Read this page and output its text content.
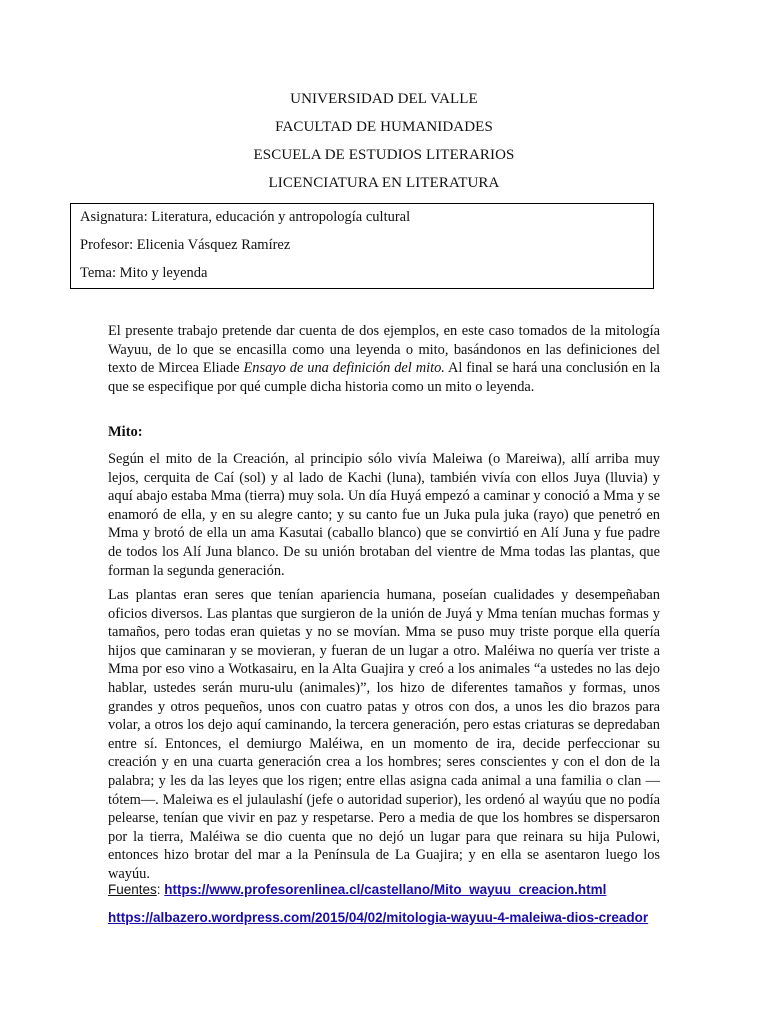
UNIVERSIDAD DEL VALLE
FACULTAD DE HUMANIDADES
ESCUELA DE ESTUDIOS LITERARIOS
LICENCIATURA EN LITERATURA
Asignatura: Literatura, educación y antropología cultural
Profesor: Elicenia Vásquez Ramírez
Tema: Mito y leyenda
El presente trabajo pretende dar cuenta de dos ejemplos, en este caso tomados de la mitología Wayuu, de lo que se encasilla como una leyenda o mito, basándonos en las definiciones del texto de Mircea Eliade Ensayo de una definición del mito. Al final se hará una conclusión en la que se especifique por qué cumple dicha historia como un mito o leyenda.
Mito:
Según el mito de la Creación, al principio sólo vivía Maleiwa (o Mareiwa), allí arriba muy lejos, cerquita de Caí (sol) y al lado de Kachi (luna), también vivía con ellos Juya (lluvia) y aquí abajo estaba Mma (tierra) muy sola. Un día Huyá empezó a caminar y conoció a Mma y se enamoró de ella, y en su alegre canto; y su canto fue un Juka pula juka (rayo) que penetró en Mma y brotó de ella un ama Kasutai (caballo blanco) que se convirtió en Alí Juna y fue padre de todos los Alí Juna blanco. De su unión brotaban del vientre de Mma todas las plantas, que forman la segunda generación.
Las plantas eran seres que tenían apariencia humana, poseían cualidades y desempeñaban oficios diversos. Las plantas que surgieron de la unión de Juyá y Mma tenían muchas formas y tamaños, pero todas eran quietas y no se movían. Mma se puso muy triste porque ella quería hijos que caminaran y se movieran, y fueran de un lugar a otro. Maléiwa no quería ver triste a Mma por eso vino a Wotkasairu, en la Alta Guajira y creó a los animales “a ustedes no las dejo hablar, ustedes serán muru-ulu (animales)”, los hizo de diferentes tamaños y formas, unos grandes y otros pequeños, unos con cuatro patas y otros con dos, a unos les dio brazos para volar, a otros los dejo aquí caminando, la tercera generación, pero estas criaturas se depredaban entre sí. Entonces, el demiurgo Maléiwa, en un momento de ira, decide perfeccionar su creación y en una cuarta generación crea a los hombres; seres conscientes y con el don de la palabra; y les da las leyes que los rigen; entre ellas asigna cada animal a una familia o clan —tótem—. Maleiwa es el julaulashí (jefe o autoridad superior), les ordenó al wayúu que no podía pelearse, tenían que vivir en paz y respetarse. Pero a media de que los hombres se dispersaron por la tierra, Maléiwa se dio cuenta que no dejó un lugar para que reinara su hija Pulowi, entonces hizo brotar del mar a la Península de La Guajira; y en ella se asentaron luego los wayúu.
Fuentes: https://www.profesorenlinea.cl/castellano/Mito_wayuu_creacion.html
https://albazero.wordpress.com/2015/04/02/mitologia-wayuu-4-maleiwa-dios-creador
